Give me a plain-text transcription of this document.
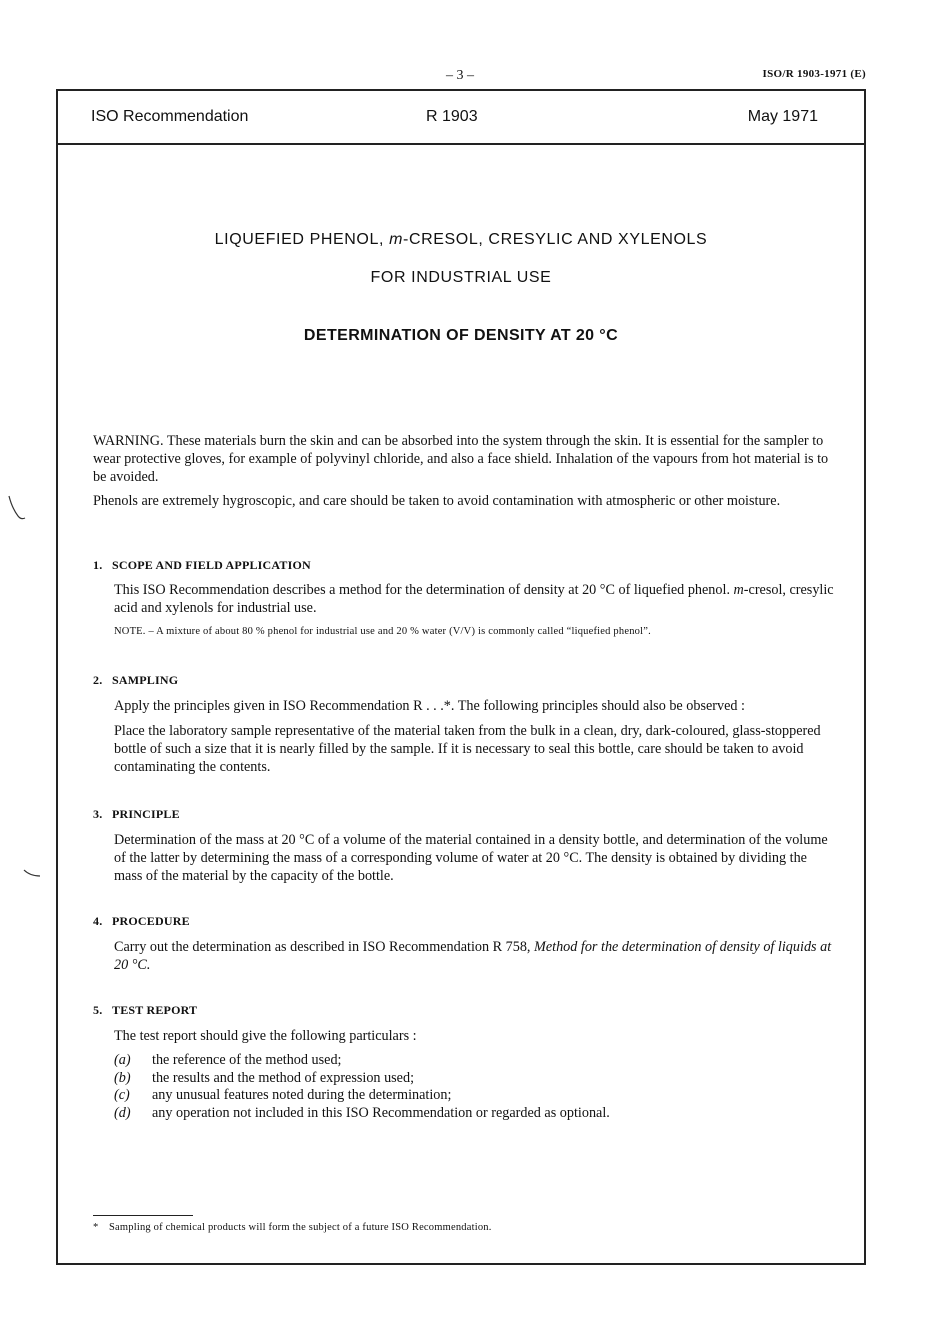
– 3 –	ISO/R 1903-1971 (E)
ISO Recommendation	R 1903	May 1971
LIQUEFIED PHENOL, m-CRESOL, CRESYLIC AND XYLENOLS
FOR INDUSTRIAL USE
DETERMINATION OF DENSITY AT 20 °C
WARNING. These materials burn the skin and can be absorbed into the system through the skin. It is essential for the sampler to wear protective gloves, for example of polyvinyl chloride, and also a face shield. Inhalation of the vapours from hot material is to be avoided.
Phenols are extremely hygroscopic, and care should be taken to avoid contamination with atmospheric or other moisture.
1. SCOPE AND FIELD APPLICATION
This ISO Recommendation describes a method for the determination of density at 20 °C of liquefied phenol. m-cresol, cresylic acid and xylenols for industrial use.
NOTE. – A mixture of about 80 % phenol for industrial use and 20 % water (V/V) is commonly called “liquefied phenol”.
2. SAMPLING
Apply the principles given in ISO Recommendation R . . .*. The following principles should also be observed :
Place the laboratory sample representative of the material taken from the bulk in a clean, dry, dark-coloured, glass-stoppered bottle of such a size that it is nearly filled by the sample. If it is necessary to seal this bottle, care should be taken to avoid contaminating the contents.
3. PRINCIPLE
Determination of the mass at 20 °C of a volume of the material contained in a density bottle, and determination of the volume of the latter by determining the mass of a corresponding volume of water at 20 °C. The density is obtained by dividing the mass of the material by the capacity of the bottle.
4. PROCEDURE
Carry out the determination as described in ISO Recommendation R 758, Method for the determination of density of liquids at 20 °C.
5. TEST REPORT
The test report should give the following particulars :
(a) the reference of the method used;
(b) the results and the method of expression used;
(c) any unusual features noted during the determination;
(d) any operation not included in this ISO Recommendation or regarded as optional.
* Sampling of chemical products will form the subject of a future ISO Recommendation.
